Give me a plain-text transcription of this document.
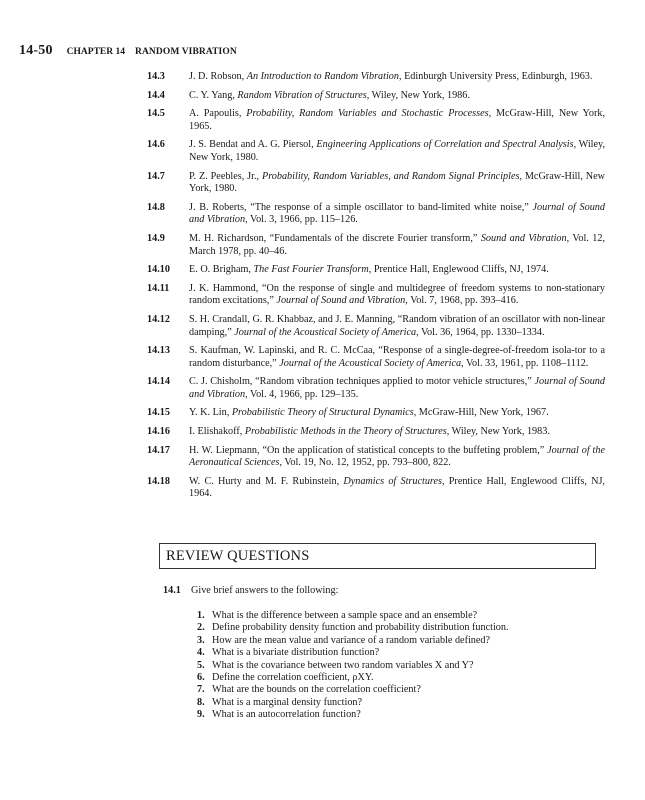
14-50 CHAPTER 14 RANDOM VIBRATION
14.3 J. D. Robson, An Introduction to Random Vibration, Edinburgh University Press, Edinburgh, 1963.
14.4 C. Y. Yang, Random Vibration of Structures, Wiley, New York, 1986.
14.5 A. Papoulis, Probability, Random Variables and Stochastic Processes, McGraw-Hill, New York, 1965.
14.6 J. S. Bendat and A. G. Piersol, Engineering Applications of Correlation and Spectral Analysis, Wiley, New York, 1980.
14.7 P. Z. Peebles, Jr., Probability, Random Variables, and Random Signal Principles, McGraw-Hill, New York, 1980.
14.8 J. B. Roberts, “The response of a simple oscillator to band-limited white noise,” Journal of Sound and Vibration, Vol. 3, 1966, pp. 115–126.
14.9 M. H. Richardson, “Fundamentals of the discrete Fourier transform,” Sound and Vibration, Vol. 12, March 1978, pp. 40–46.
14.10 E. O. Brigham, The Fast Fourier Transform, Prentice Hall, Englewood Cliffs, NJ, 1974.
14.11 J. K. Hammond, “On the response of single and multidegree of freedom systems to non-stationary random excitations,” Journal of Sound and Vibration, Vol. 7, 1968, pp. 393–416.
14.12 S. H. Crandall, G. R. Khabbaz, and J. E. Manning, “Random vibration of an oscillator with non-linear damping,” Journal of the Acoustical Society of America, Vol. 36, 1964, pp. 1330–1334.
14.13 S. Kaufman, W. Lapinski, and R. C. McCaa, “Response of a single-degree-of-freedom isola-tor to a random disturbance,” Journal of the Acoustical Society of America, Vol. 33, 1961, pp. 1108–1112.
14.14 C. J. Chisholm, “Random vibration techniques applied to motor vehicle structures,” Journal of Sound and Vibration, Vol. 4, 1966, pp. 129–135.
14.15 Y. K. Lin, Probabilistic Theory of Structural Dynamics, McGraw-Hill, New York, 1967.
14.16 I. Elishakoff, Probabilistic Methods in the Theory of Structures, Wiley, New York, 1983.
14.17 H. W. Liepmann, “On the application of statistical concepts to the buffeting problem,” Journal of the Aeronautical Sciences, Vol. 19, No. 12, 1952, pp. 793–800, 822.
14.18 W. C. Hurty and M. F. Rubinstein, Dynamics of Structures, Prentice Hall, Englewood Cliffs, NJ, 1964.
REVIEW QUESTIONS
14.1 Give brief answers to the following:
1. What is the difference between a sample space and an ensemble?
2. Define probability density function and probability distribution function.
3. How are the mean value and variance of a random variable defined?
4. What is a bivariate distribution function?
5. What is the covariance between two random variables X and Y?
6. Define the correlation coefficient, ρXY.
7. What are the bounds on the correlation coefficient?
8. What is a marginal density function?
9. What is an autocorrelation function?
